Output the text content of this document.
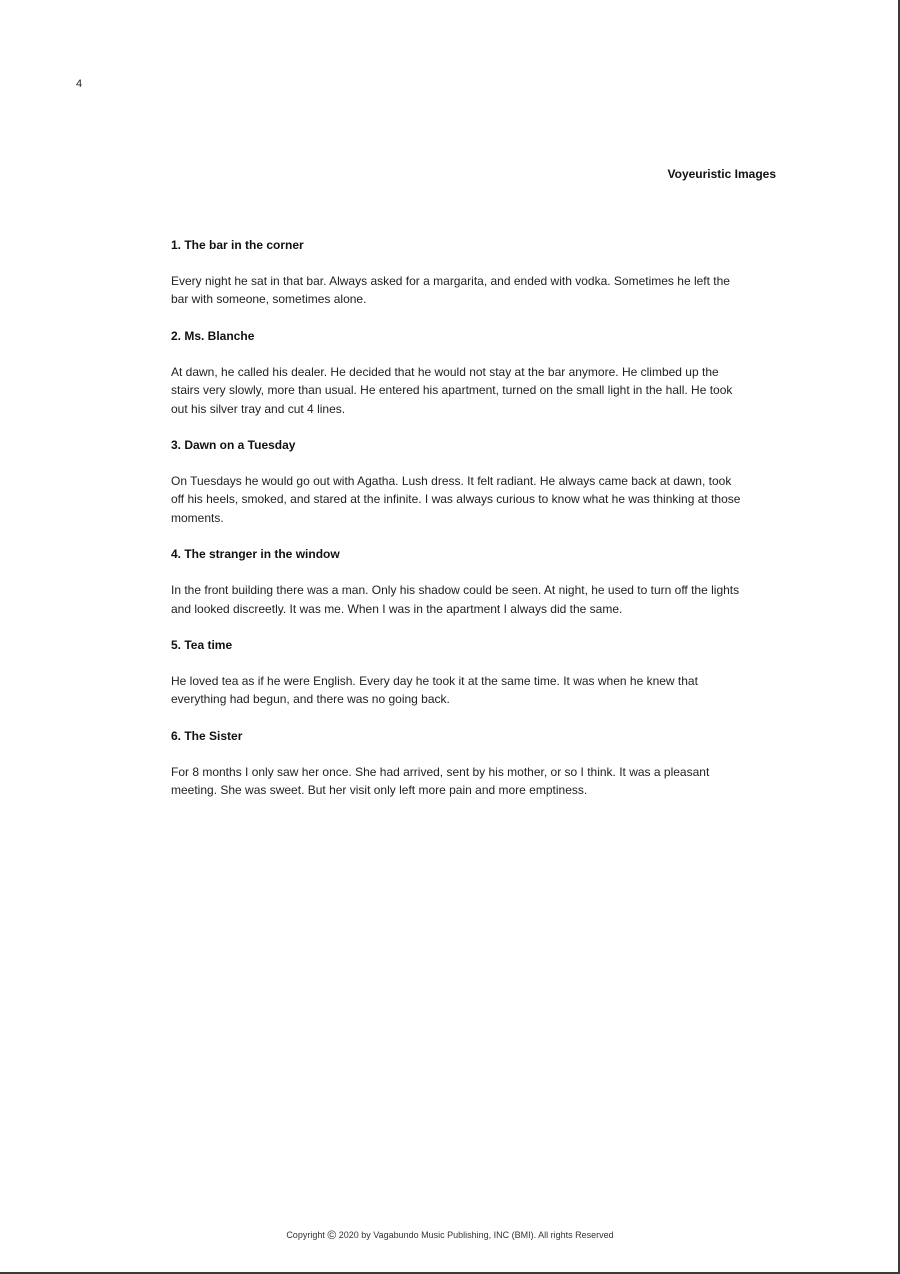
4
Voyeuristic Images

1. The bar in the corner

Every night he sat in that bar. Always asked for a margarita, and ended with vodka. Sometimes he left the bar with someone, sometimes alone.

2. Ms. Blanche

At dawn, he called his dealer. He decided that he would not stay at the bar anymore. He climbed up the stairs very slowly, more than usual. He entered his apartment, turned on the small light in the hall. He took out his silver tray and cut 4 lines.

3. Dawn on a Tuesday

On Tuesdays he would go out with Agatha. Lush dress. It felt radiant. He always came back at dawn, took off his heels, smoked, and stared at the infinite. I was always curious to know what he was thinking at those moments.

4. The stranger in the window

In the front building there was a man. Only his shadow could be seen. At night, he used to turn off the lights and looked discreetly. It was me. When I was in the apartment I always did the same.

5. Tea time

He loved tea as if he were English. Every day he took it at the same time. It was when he knew that everything had begun, and there was no going back.

6. The Sister

For 8 months I only saw her once. She had arrived, sent by his mother, or so I think. It was a pleasant meeting. She was sweet. But her visit only left more pain and more emptiness.

Copyright © 2020 by Vagabundo Music Publishing, INC (BMI). All rights Reserved
